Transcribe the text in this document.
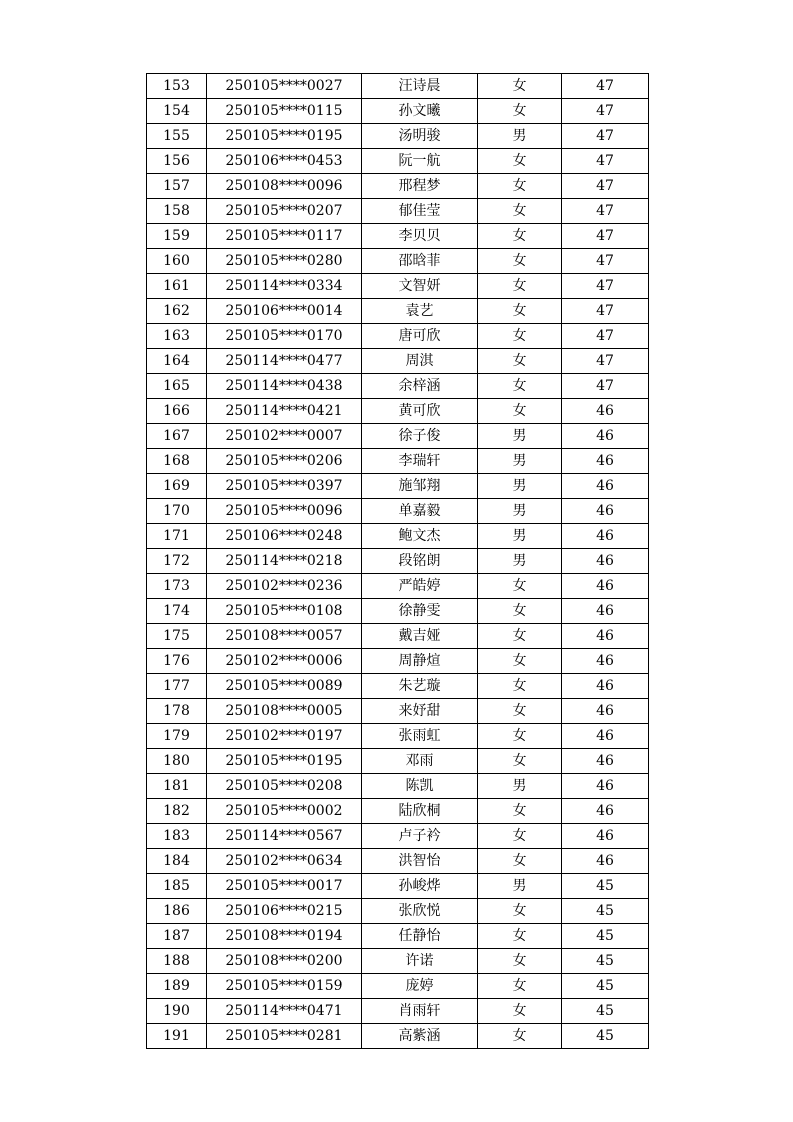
153	250105****0027	汪诗晨	女	47
154	250105****0115	孙文曦	女	47
155	250105****0195	汤明骏	男	47
156	250106****0453	阮一航	女	47
157	250108****0096	邢程梦	女	47
158	250105****0207	郁佳莹	女	47
159	250105****0117	李贝贝	女	47
160	250105****0280	邵晗菲	女	47
161	250114****0334	文智妍	女	47
162	250106****0014	袁艺	女	47
163	250105****0170	唐可欣	女	47
164	250114****0477	周淇	女	47
165	250114****0438	余梓涵	女	47
166	250114****0421	黄可欣	女	46
167	250102****0007	徐子俊	男	46
168	250105****0206	李瑞轩	男	46
169	250105****0397	施邹翔	男	46
170	250105****0096	单嘉毅	男	46
171	250106****0248	鲍文杰	男	46
172	250114****0218	段铭朗	男	46
173	250102****0236	严皓婷	女	46
174	250105****0108	徐静雯	女	46
175	250108****0057	戴吉娅	女	46
176	250102****0006	周静煊	女	46
177	250105****0089	朱艺璇	女	46
178	250108****0005	来妤甜	女	46
179	250102****0197	张雨虹	女	46
180	250105****0195	邓雨	女	46
181	250105****0208	陈凯	男	46
182	250105****0002	陆欣桐	女	46
183	250114****0567	卢子衿	女	46
184	250102****0634	洪智怡	女	46
185	250105****0017	孙峻烨	男	45
186	250106****0215	张欣悦	女	45
187	250108****0194	任静怡	女	45
188	250108****0200	许诺	女	45
189	250105****0159	庞婷	女	45
190	250114****0471	肖雨轩	女	45
191	250105****0281	高紫涵	女	45
